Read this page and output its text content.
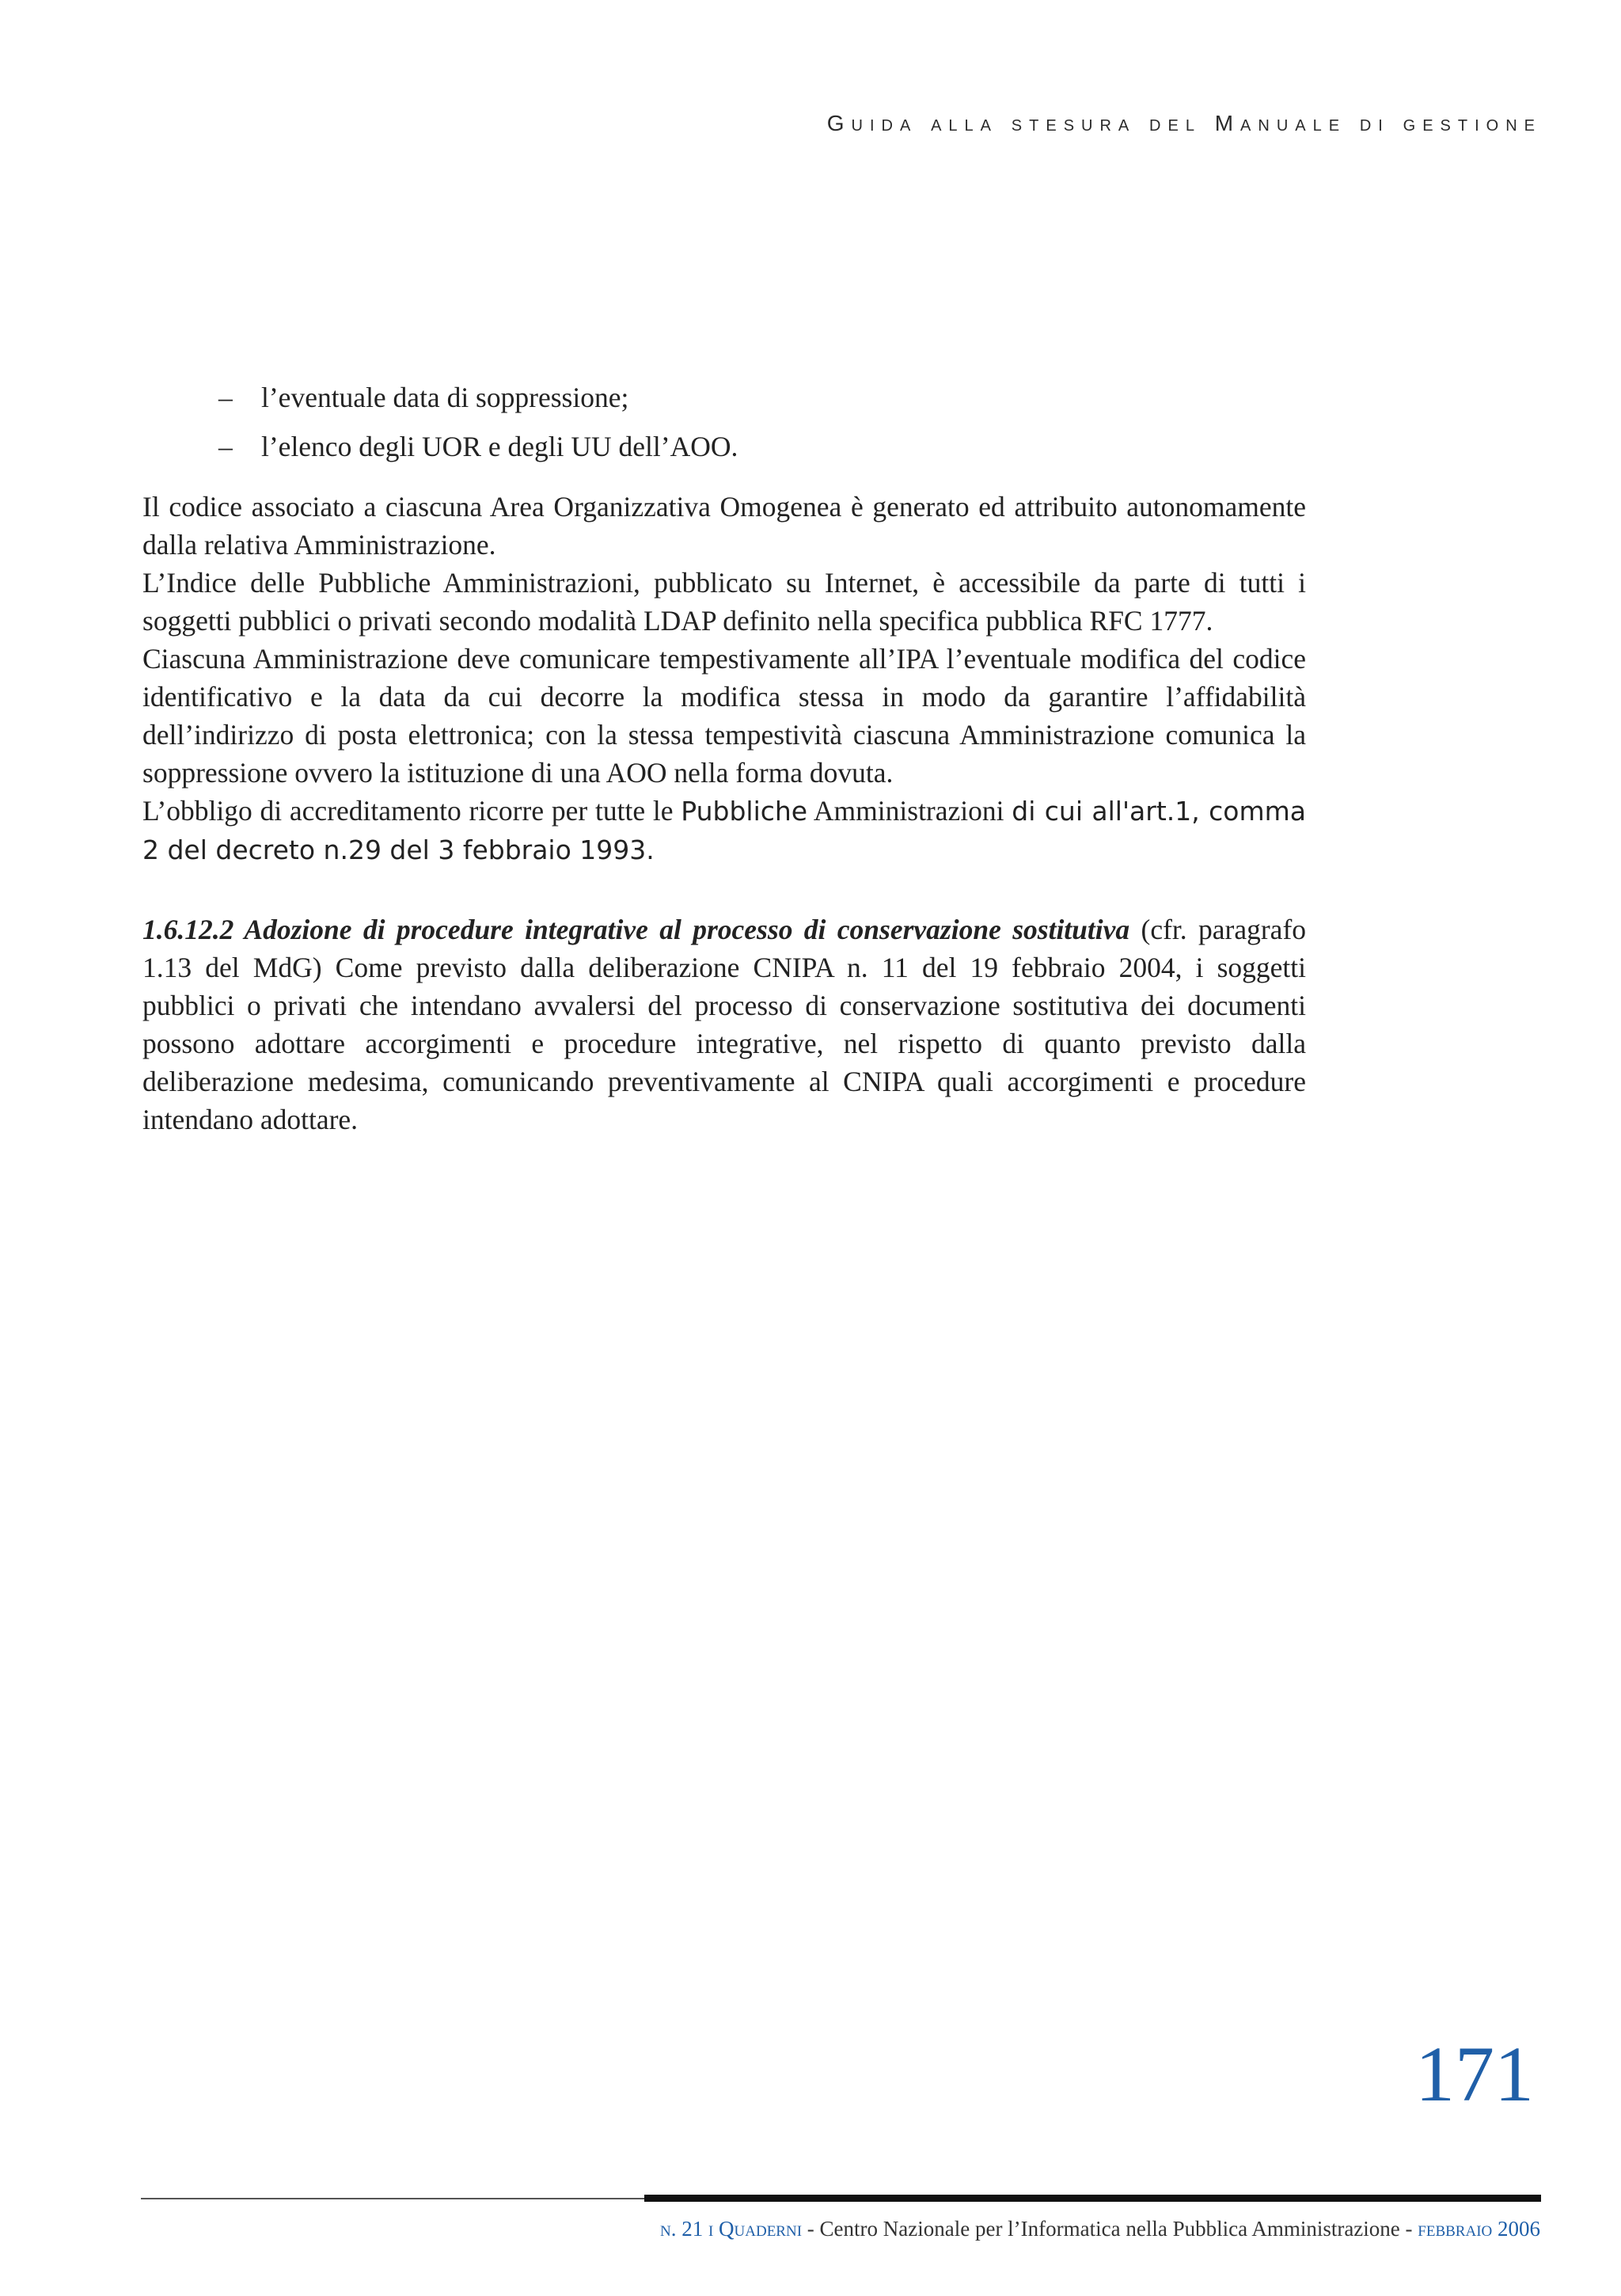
Guida alla stesura del Manuale di gestione
– l’eventuale data di soppressione;
– l’elenco degli UOR e degli UU dell’AOO.

Il codice associato a ciascuna Area Organizzativa Omogenea è generato ed attribuito autonomamente dalla relativa Amministrazione.

L’Indice delle Pubbliche Amministrazioni, pubblicato su Internet, è accessibile da parte di tutti i soggetti pubblici o privati secondo modalità LDAP definito nella specifica pubblica RFC 1777.

Ciascuna Amministrazione deve comunicare tempestivamente all’IPA l’eventuale modifica del codice identificativo e la data da cui decorre la modifica stessa in modo da garantire l’affidabilità dell’indirizzo di posta elettronica; con la stessa tempestività ciascuna Amministrazione comunica la soppressione ovvero la istituzione di una AOO nella forma dovuta.

L’obbligo di accreditamento ricorre per tutte le Pubbliche Amministrazioni di cui all'art.1, comma 2 del decreto n.29 del 3 febbraio 1993.

1.6.12.2 Adozione di procedure integrative al processo di conservazione sostitutiva (cfr. paragrafo 1.13 del MdG) Come previsto dalla deliberazione CNIPA n. 11 del 19 febbraio 2004, i soggetti pubblici o privati che intendano avvalersi del processo di conservazione sostitutiva dei documenti possono adottare accorgimenti e procedure integrative, nel rispetto di quanto previsto dalla deliberazione medesima, comunicando preventivamente al CNIPA quali accorgimenti e procedure intendano adottare.

171

n. 21 i Quaderni - Centro Nazionale per l’Informatica nella Pubblica Amministrazione - febbraio 2006
